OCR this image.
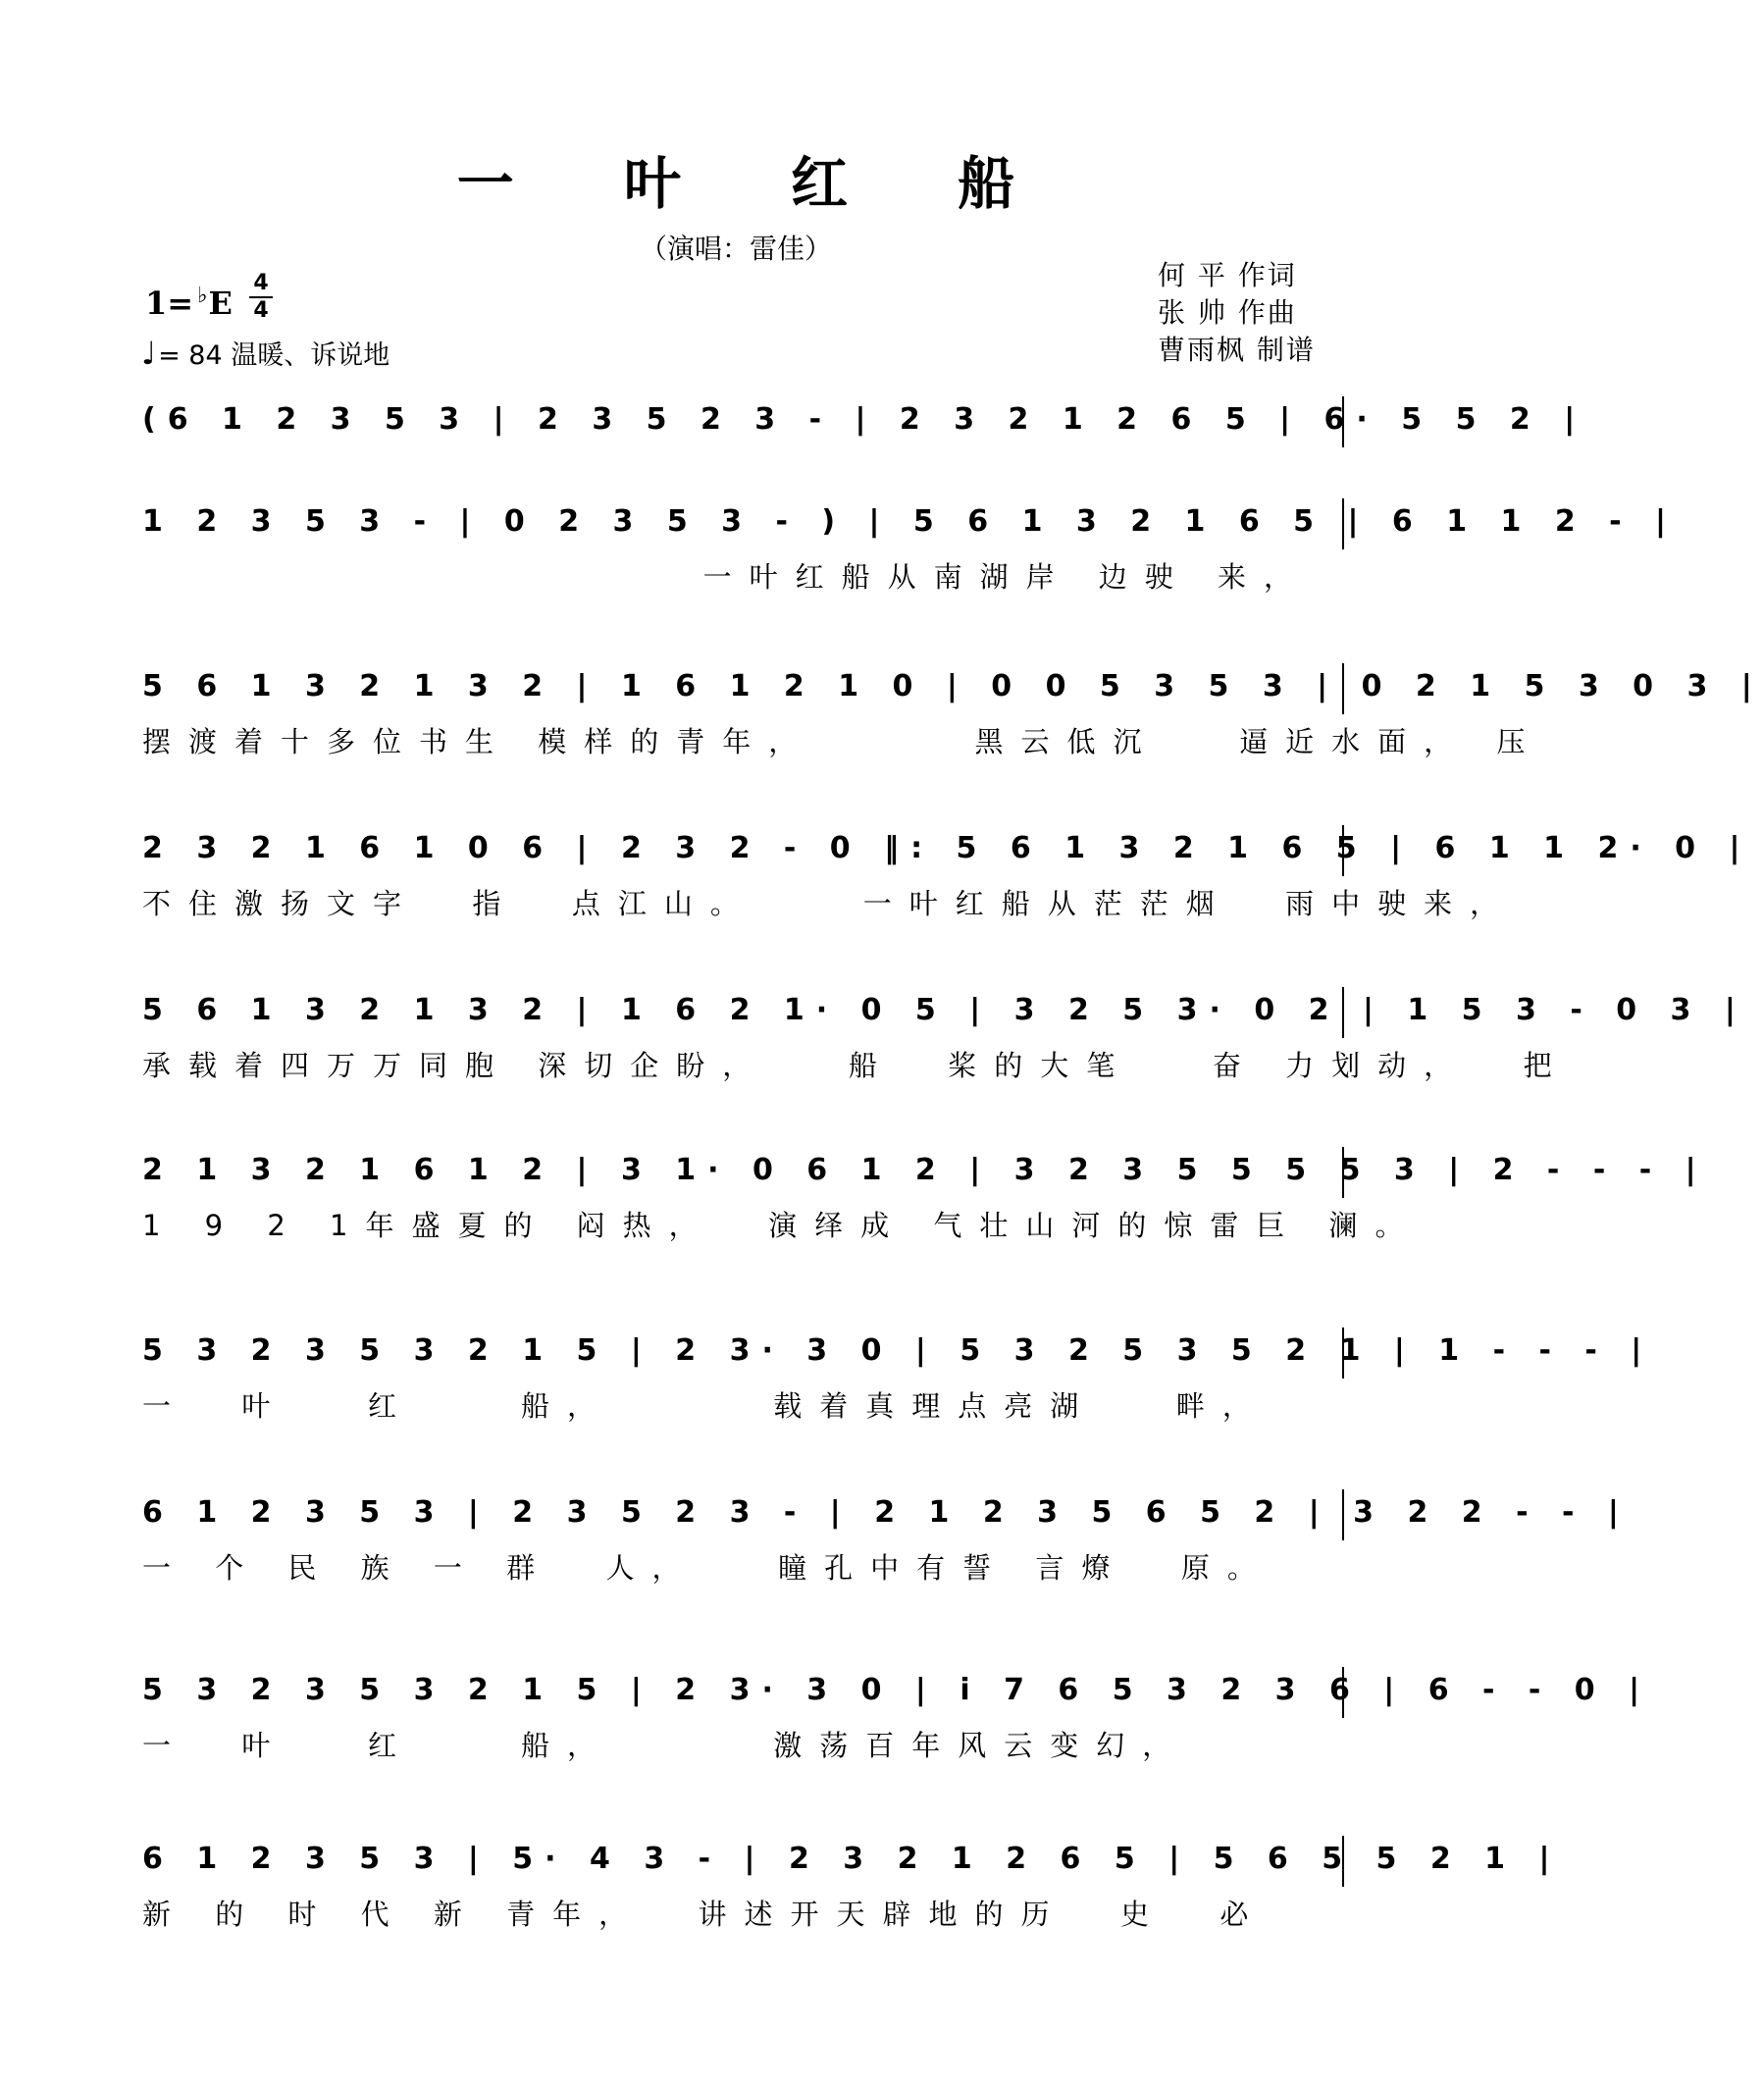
一 叶 红 船
（演唱：雷佳）
1= ♭E
4
4
♩= 84 温暖、诉说地
何 平 作词
张 帅 作曲
曹雨枫 制谱
(6 1 2 3 5 3 | 2 3 5 2 3 - | 2 3 2 1 2 6 5 | 6· 5 5 2 |
1 2 3 5 3 - | 0 2 3 5 3 - ) | 5 6 1 3 2 1 6 5 | 6 1 1 2 - |
一叶红船从南湖岸 边驶 来，
5 6 1 3 2 1 3 2 | 1 6 1 2 1 0 | 0 0 5 3 5 3 | 0 2 1 5 3 0 3 |
摆渡着十多位书生 模样的青年，      黑云低沉   逼近水面， 压
2 3 2 1 6 1 0 6 | 2 3 2 - 0 ‖: 5 6 1 3 2 1 6 5 | 6 1 1 2· 0 |
不住激扬文字  指  点江山。    一叶红船从茫茫烟  雨中驶来，
5 6 1 3 2 1 3 2 | 1 6 2 1· 0 5 | 3 2 5 3· 0 2 | 1 5 3 - 0 3 |
承载着四万万同胞 深切企盼，   船  桨的大笔   奋 力划动，  把
2 1 3 2 1 6 1 2 | 3 1· 0 6 1 2 | 3 2 3 5 5 5 5 3 | 2 - - - |
1 9 2 1年盛夏的 闷热，  演绎成 气壮山河的惊雷巨 澜。
5 3 2 3 5 3 2 1 5 | 2 3· 3 0 | 5 3 2 5 3 5 2 1 | 1 - - - |
一  叶   红    船，      载着真理点亮湖   畔，
6 1 2 3 5 3 | 2 3 5 2 3 - | 2 1 2 3 5 6 5 2 | 3 2 2 - - |
一 个 民 族 一 群  人，   瞳孔中有誓 言燎  原。
5 3 2 3 5 3 2 1 5 | 2 3· 3 0 | i 7 6 5 3 2 3 6 | 6 - - 0 |
一  叶   红    船，      激荡百年风云变幻，
6 1 2 3 5 3 | 5· 4 3 - | 2 3 2 1 2 6 5 | 5 6 5 5 2 1 |
新 的 时 代 新 青年，  讲述开天辟地的历  史  必
